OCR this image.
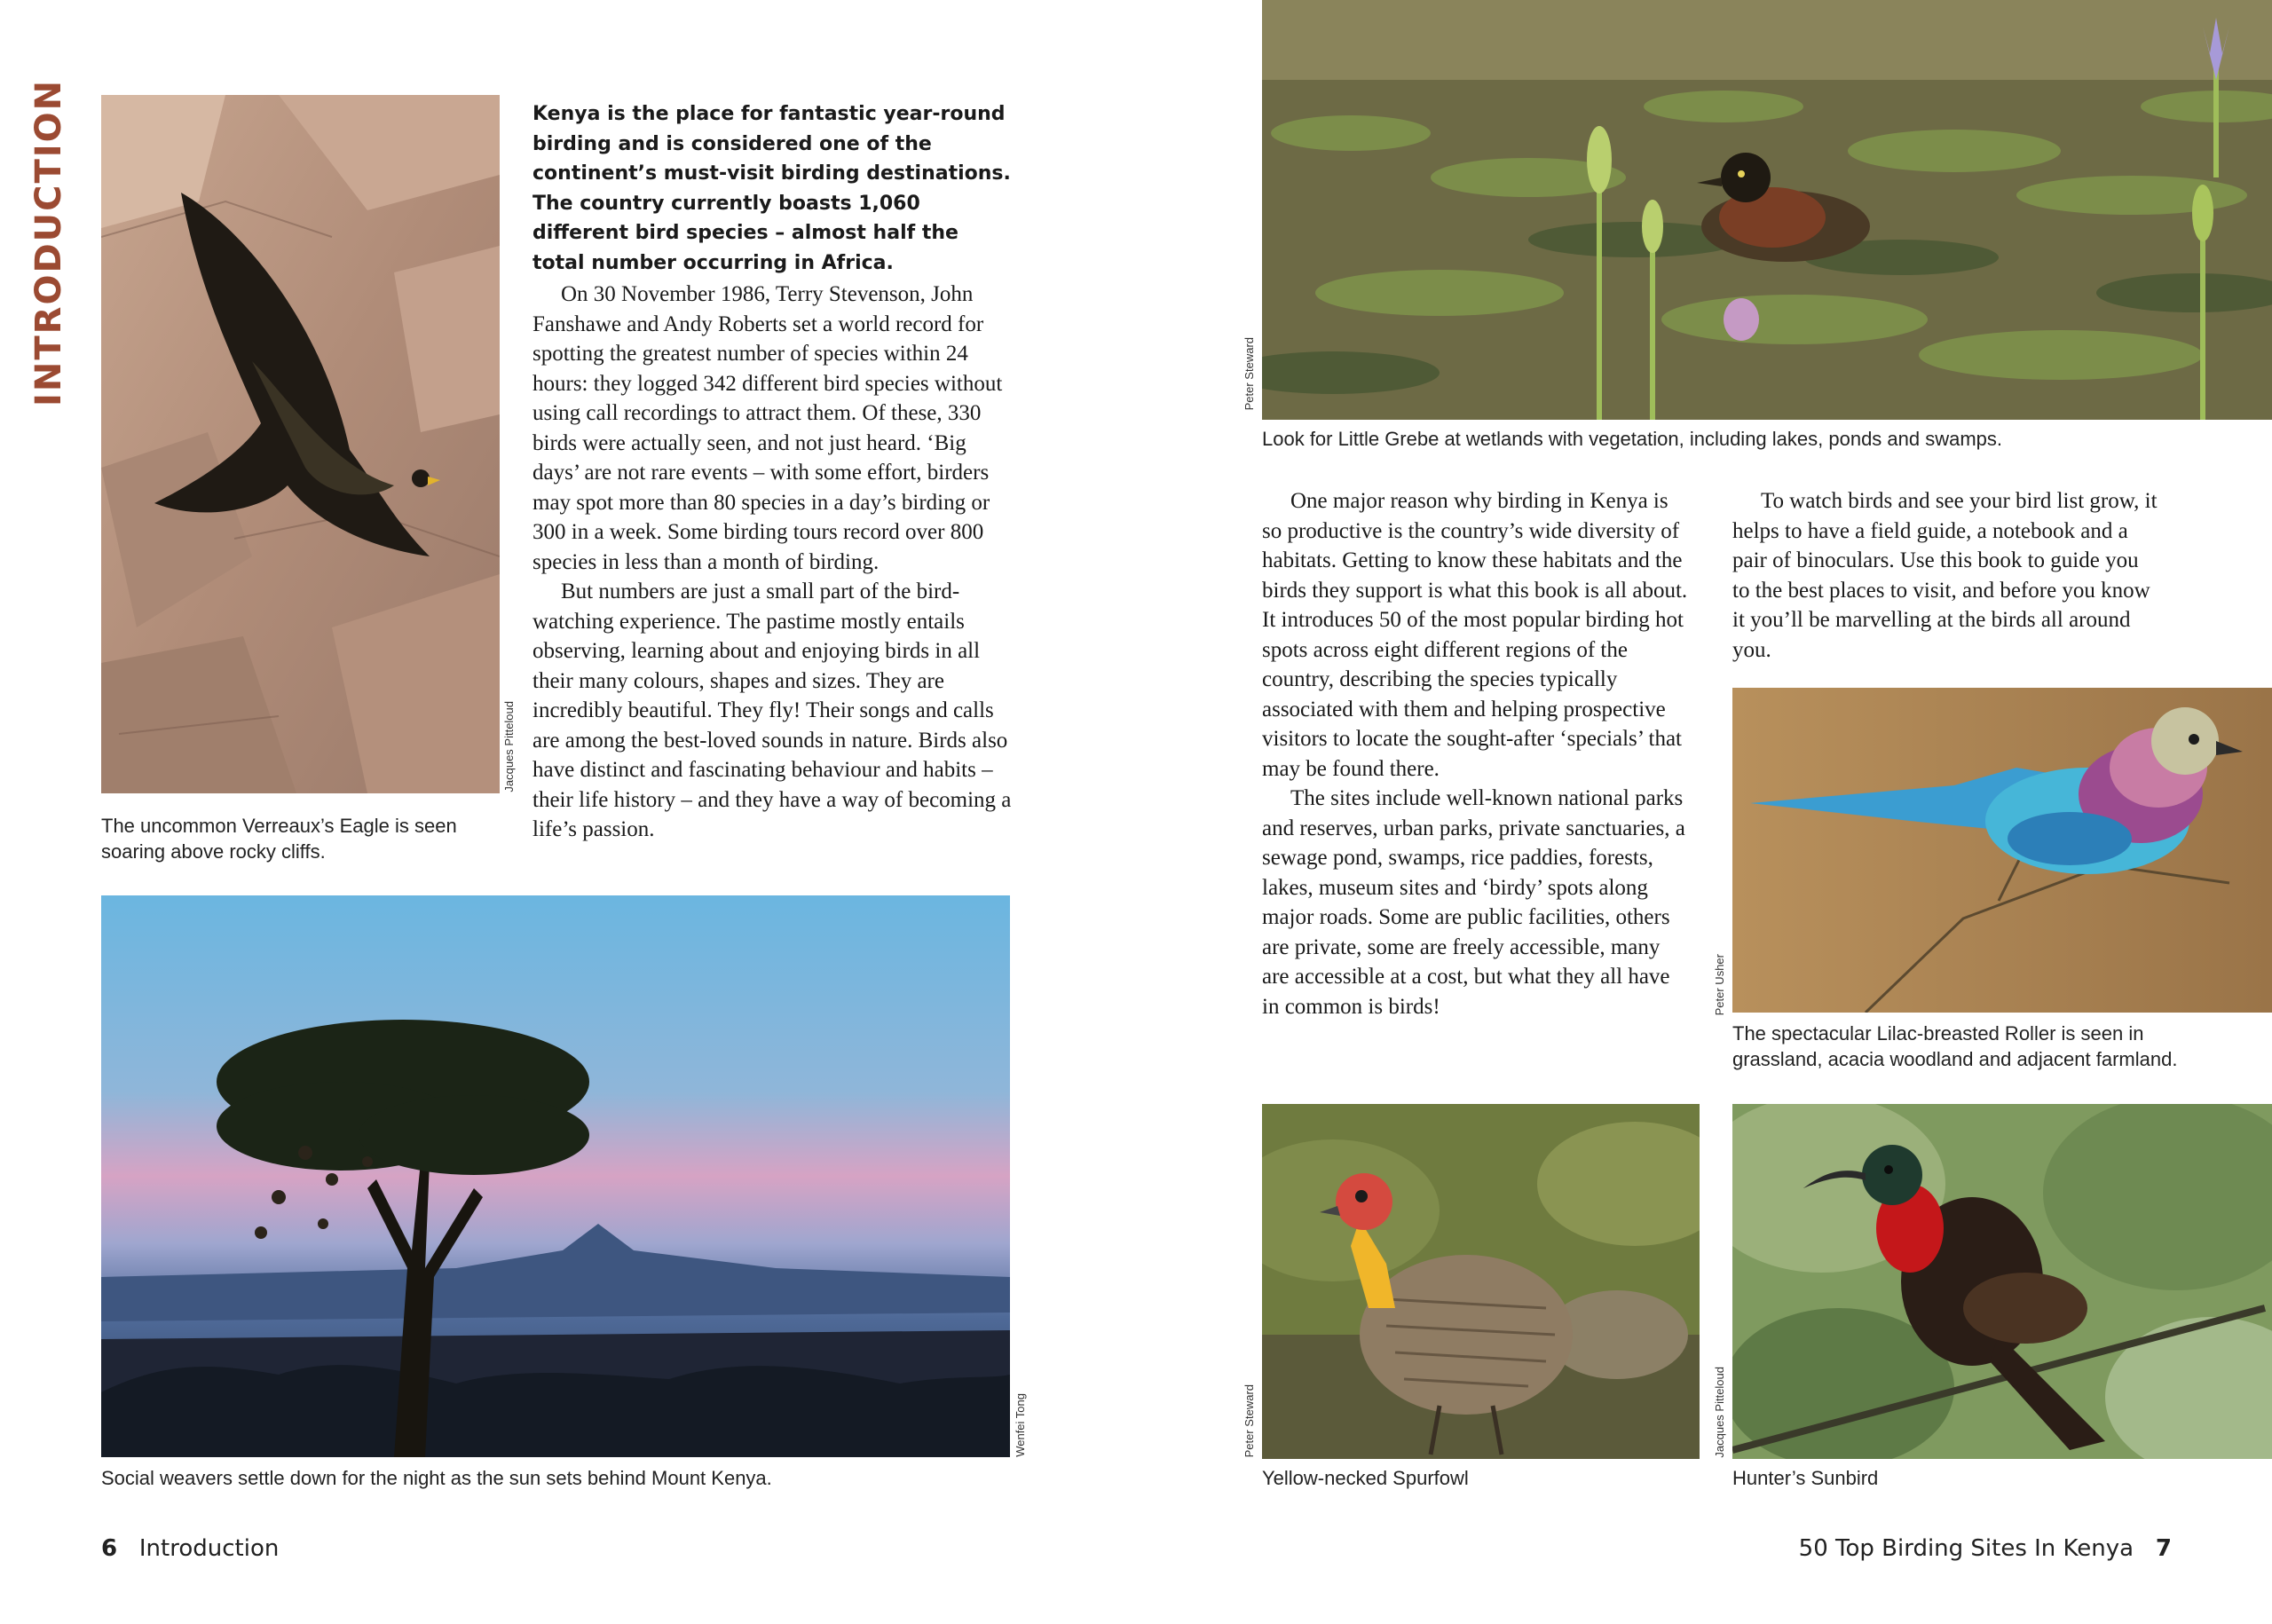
INTRODUCTION
Jacques Pitteloud

The uncommon Verreaux’s Eagle is seen soaring above rocky cliffs.

Kenya is the place for fantastic year-round birding and is considered one of the continent’s must-visit birding destinations. The country currently boasts 1,060 different bird species – almost half the total number occurring in Africa.

On 30 November 1986, Terry Stevenson, John Fanshawe and Andy Roberts set a world record for spotting the greatest number of species within 24 hours: they logged 342 different bird species without using call recordings to attract them. Of these, 330 birds were actually seen, and not just heard. ‘Big days’ are not rare events – with some effort, birders may spot more than 80 species in a day’s birding or 300 in a week. Some birding tours record over 800 species in less than a month of birding.

But numbers are just a small part of the bird-watching experience. The pastime mostly entails observing, learning about and enjoying birds in all their many colours, shapes and sizes. They are incredibly beautiful. They fly! Their songs and calls are among the best-loved sounds in nature. Birds also have distinct and fascinating behaviour and habits – their life history – and they have a way of becoming a life’s passion.

Wenfei Tong

Social weavers settle down for the night as the sun sets behind Mount Kenya.

6 Introduction
Peter Steward

Look for Little Grebe at wetlands with vegetation, including lakes, ponds and swamps.

One major reason why birding in Kenya is so productive is the country’s wide diversity of habitats. Getting to know these habitats and the birds they support is what this book is all about. It introduces 50 of the most popular birding hot spots across eight different regions of the country, describing the species typically associated with them and helping prospective visitors to locate the sought-after ‘specials’ that may be found there.

The sites include well-known national parks and reserves, urban parks, private sanctuaries, a sewage pond, swamps, rice paddies, forests, lakes, museum sites and ‘birdy’ spots along major roads. Some are public facilities, others are private, some are freely accessible, many are accessible at a cost, but what they all have in common is birds!

To watch birds and see your bird list grow, it helps to have a field guide, a notebook and a pair of binoculars. Use this book to guide you to the best places to visit, and before you know it you’ll be marvelling at the birds all around you.

Peter Usher

The spectacular Lilac-breasted Roller is seen in grassland, acacia woodland and adjacent farmland.

Peter Steward

Yellow-necked Spurfowl

Jacques Pitteloud

Hunter’s Sunbird

50 Top Birding Sites In Kenya 7
